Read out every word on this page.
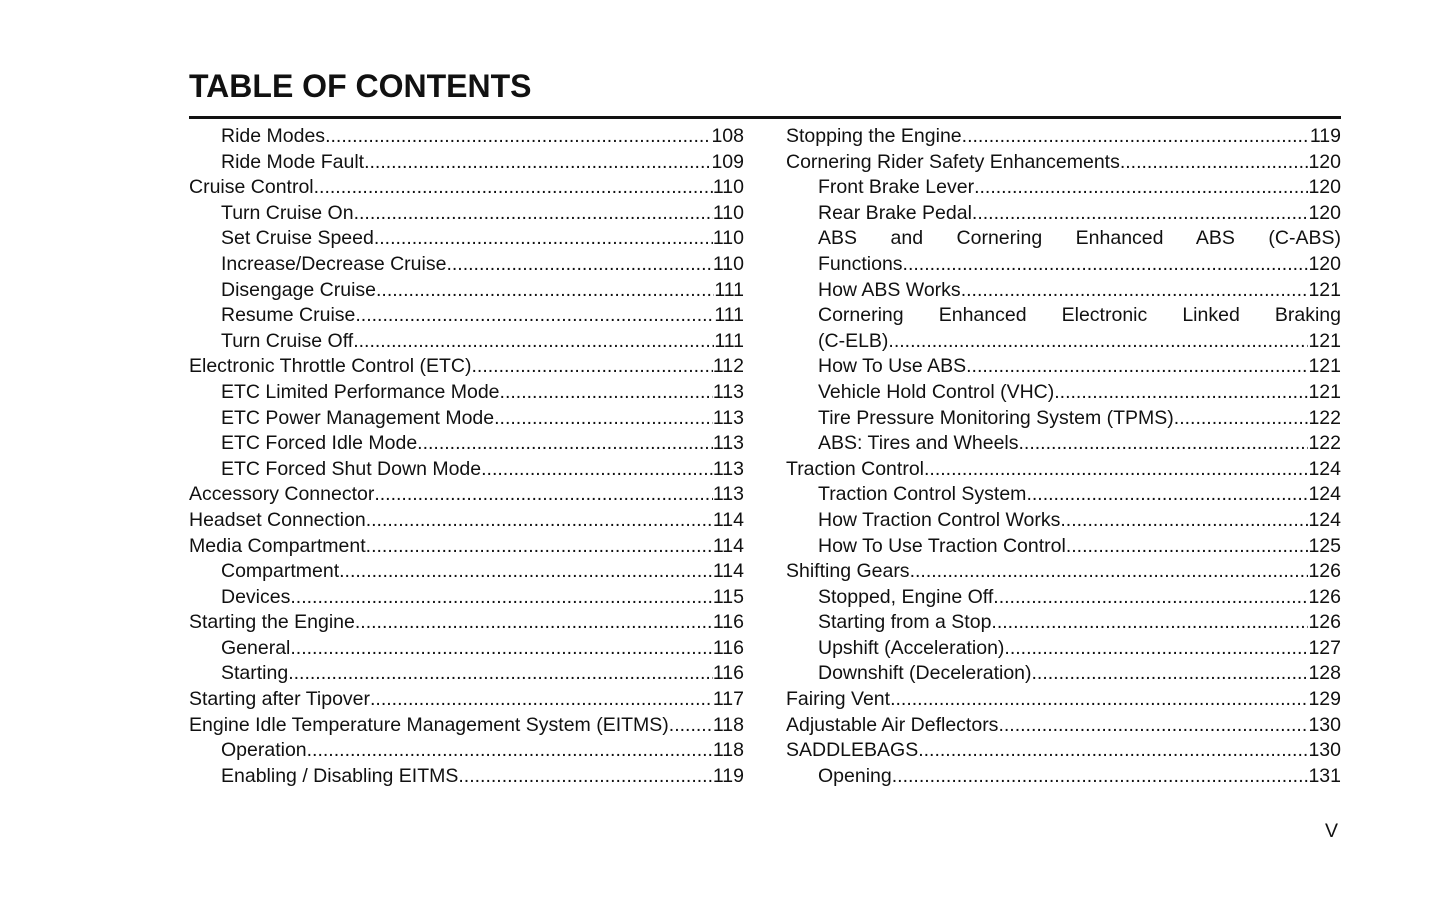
TABLE OF CONTENTS
Ride Modes .....	108
Ride Mode Fault .....	109
Cruise Control .....	110
Turn Cruise On .....	110
Set Cruise Speed .....	110
Increase/Decrease Cruise .....	110
Disengage Cruise .....	111
Resume Cruise .....	111
Turn Cruise Off .....	111
Electronic Throttle Control (ETC) .....	112
ETC Limited Performance Mode .....	113
ETC Power Management Mode .....	113
ETC Forced Idle Mode .....	113
ETC Forced Shut Down Mode .....	113
Accessory Connector .....	113
Headset Connection .....	114
Media Compartment .....	114
Compartment .....	114
Devices .....	115
Starting the Engine .....	116
General .....	116
Starting .....	116
Starting after Tipover .....	117
Engine Idle Temperature Management System (EITMS) ..... 118
Operation .....	118
Enabling / Disabling EITMS .....	119
Stopping the Engine .....	119
Cornering Rider Safety Enhancements .....	120
Front Brake Lever .....	120
Rear Brake Pedal .....	120
ABS and Cornering Enhanced ABS (C-ABS)
Functions .....	120
How ABS Works .....	121
Cornering Enhanced Electronic Linked Braking
(C-ELB) .....	121
How To Use ABS .....	121
Vehicle Hold Control (VHC) .....	121
Tire Pressure Monitoring System (TPMS) .....	122
ABS: Tires and Wheels .....	122
Traction Control .....	124
Traction Control System .....	124
How Traction Control Works .....	124
How To Use Traction Control .....	125
Shifting Gears .....	126
Stopped, Engine Off .....	126
Starting from a Stop .....	126
Upshift (Acceleration) .....	127
Downshift (Deceleration) .....	128
Fairing Vent .....	129
Adjustable Air Deflectors .....	130
SADDLEBAGS .....	130
Opening .....	131
V
